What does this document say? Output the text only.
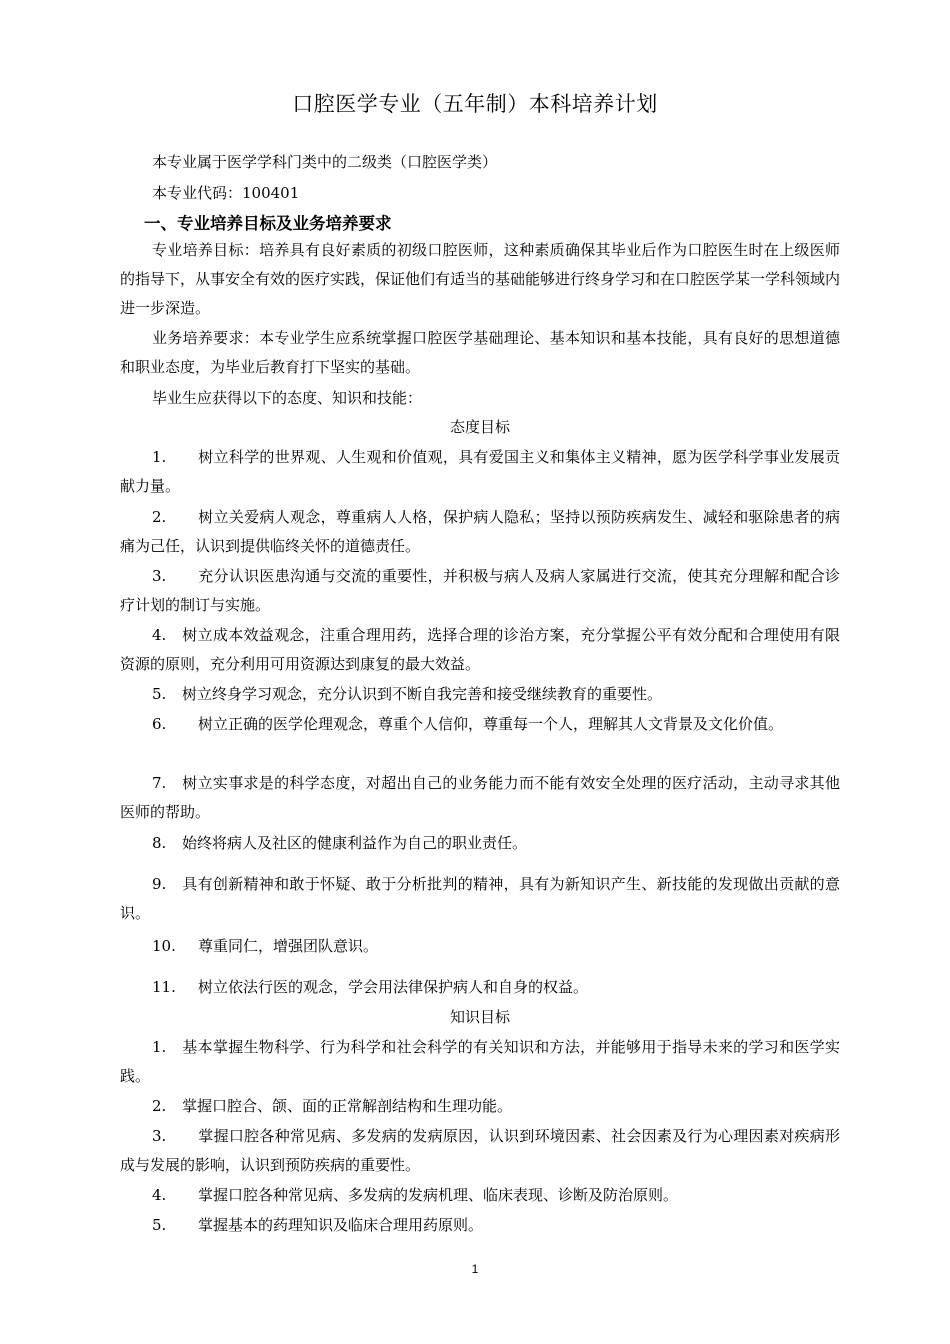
口腔医学专业（五年制）本科培养计划
本专业属于医学学科门类中的二级类（口腔医学类）
本专业代码：100401
一、专业培养目标及业务培养要求
专业培养目标：培养具有良好素质的初级口腔医师，这种素质确保其毕业后作为口腔医生时在上级医师的指导下，从事安全有效的医疗实践，保证他们有适当的基础能够进行终身学习和在口腔医学某一学科领域内进一步深造。
业务培养要求：本专业学生应系统掌握口腔医学基础理论、基本知识和基本技能，具有良好的思想道德和职业态度，为毕业后教育打下坚实的基础。
毕业生应获得以下的态度、知识和技能：
态度目标
1. 树立科学的世界观、人生观和价值观，具有爱国主义和集体主义精神，愿为医学科学事业发展贡献力量。
2. 树立关爱病人观念，尊重病人人格，保护病人隐私；坚持以预防疾病发生、减轻和驱除患者的病痛为己任，认识到提供临终关怀的道德责任。
3. 充分认识医患沟通与交流的重要性，并积极与病人及病人家属进行交流，使其充分理解和配合诊疗计划的制订与实施。
4. 树立成本效益观念，注重合理用药，选择合理的诊治方案，充分掌握公平有效分配和合理使用有限资源的原则，充分利用可用资源达到康复的最大效益。
5. 树立终身学习观念，充分认识到不断自我完善和接受继续教育的重要性。
6. 树立正确的医学伦理观念，尊重个人信仰，尊重每一个人，理解其人文背景及文化价值。
7. 树立实事求是的科学态度，对超出自己的业务能力而不能有效安全处理的医疗活动，主动寻求其他医师的帮助。
8. 始终将病人及社区的健康利益作为自己的职业责任。
9. 具有创新精神和敢于怀疑、敢于分析批判的精神，具有为新知识产生、新技能的发现做出贡献的意识。
10. 尊重同仁，增强团队意识。
11. 树立依法行医的观念，学会用法律保护病人和自身的权益。
知识目标
1. 基本掌握生物科学、行为科学和社会科学的有关知识和方法，并能够用于指导未来的学习和医学实践。
2. 掌握口腔合、颌、面的正常解剖结构和生理功能。
3. 掌握口腔各种常见病、多发病的发病原因，认识到环境因素、社会因素及行为心理因素对疾病形成与发展的影响，认识到预防疾病的重要性。
4. 掌握口腔各种常见病、多发病的发病机理、临床表现、诊断及防治原则。
5. 掌握基本的药理知识及临床合理用药原则。
1
